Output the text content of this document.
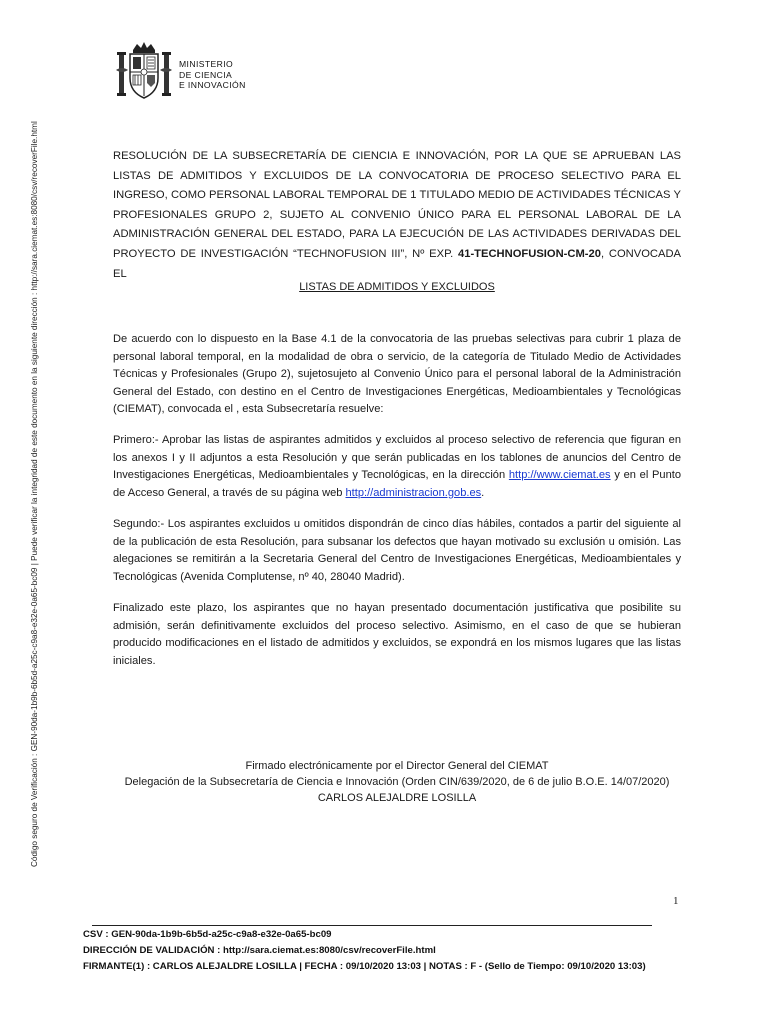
Código seguro de Verificación : GEN-90da-1b9b-6b5d-a25c-c9a8-e32e-0a65-bc09 | Puede verificar la integridad de este documento en la siguiente dirección : http://sara.ciemat.es:8080/csv/recoverFile.html
MINISTERIO
DE CIENCIA
E INNOVACIÓN
RESOLUCIÓN DE LA SUBSECRETARÍA DE CIENCIA E INNOVACIÓN, POR LA QUE SE APRUEBAN LAS LISTAS DE ADMITIDOS Y EXCLUIDOS DE LA CONVOCATORIA DE PROCESO SELECTIVO PARA EL INGRESO, COMO PERSONAL LABORAL TEMPORAL DE 1 TITULADO MEDIO DE ACTIVIDADES TÉCNICAS Y PROFESIONALES GRUPO 2, SUJETO AL CONVENIO ÚNICO PARA EL PERSONAL LABORAL DE LA ADMINISTRACIÓN GENERAL DEL ESTADO, PARA LA EJECUCIÓN DE LAS ACTIVIDADES DERIVADAS DEL PROYECTO DE INVESTIGACIÓN “TECHNOFUSION III”, Nº EXP. 41-TECHNOFUSION-CM-20, CONVOCADA EL
LISTAS DE ADMITIDOS Y EXCLUIDOS

De acuerdo con lo dispuesto en la Base 4.1 de la convocatoria de las pruebas selectivas para cubrir 1 plaza de personal laboral temporal, en la modalidad de obra o servicio, de la categoría de Titulado Medio de Actividades Técnicas y Profesionales (Grupo 2), sujetosujeto al Convenio Único para el personal laboral de la Administración General del Estado, con destino en el Centro de Investigaciones Energéticas, Medioambientales y Tecnológicas (CIEMAT), convocada el , esta Subsecretaría resuelve:

Primero:- Aprobar las listas de aspirantes admitidos y excluidos al proceso selectivo de referencia que figuran en los anexos I y II adjuntos a esta Resolución y que serán publicadas en los tablones de anuncios del Centro de Investigaciones Energéticas, Medioambientales y Tecnológicas, en la dirección http://www.ciemat.es y en el Punto de Acceso General, a través de su página web http://administracion.gob.es.

Segundo:- Los aspirantes excluidos u omitidos dispondrán de cinco días hábiles, contados a partir del siguiente al de la publicación de esta Resolución, para subsanar los defectos que hayan motivado su exclusión u omisión. Las alegaciones se remitirán a la Secretaria General del Centro de Investigaciones Energéticas, Medioambientales y Tecnológicas (Avenida Complutense, nº 40, 28040 Madrid).

Finalizado este plazo, los aspirantes que no hayan presentado documentación justificativa que posibilite su admisión, serán definitivamente excluidos del proceso selectivo. Asimismo, en el caso de que se hubieran producido modificaciones en el listado de admitidos y excluidos, se expondrá en los mismos lugares que las listas iniciales.

Firmado electrónicamente por el Director General del CIEMAT
Delegación de la Subsecretaría de Ciencia e Innovación (Orden CIN/639/2020, de 6 de julio B.O.E. 14/07/2020)
CARLOS ALEJALDRE LOSILLA
1
CSV : GEN-90da-1b9b-6b5d-a25c-c9a8-e32e-0a65-bc09
DIRECCIÓN DE VALIDACIÓN : http://sara.ciemat.es:8080/csv/recoverFile.html
FIRMANTE(1) : CARLOS ALEJALDRE LOSILLA | FECHA : 09/10/2020 13:03 | NOTAS : F - (Sello de Tiempo: 09/10/2020 13:03)
